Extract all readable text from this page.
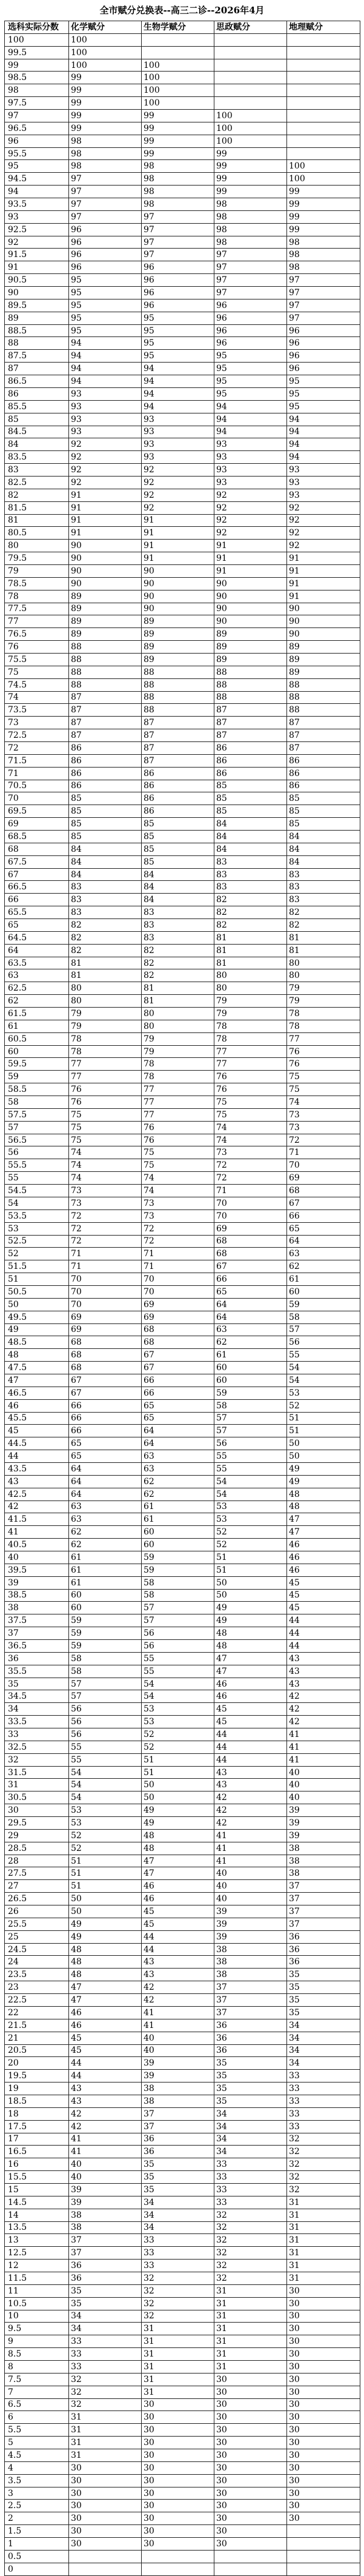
全市赋分兑换表--高三二诊--2026年4月
选科实际分数	化学赋分	生物学赋分	思政赋分	地理赋分
100	100			
99.5	100			
99	100	100		
98.5	99	100		
98	99	100		
97.5	99	100		
97	99	99	100	
96.5	99	99	100	
96	98	99	100	
95.5	98	99	99	
95	98	98	99	100
94.5	97	98	99	100
94	97	98	99	99
93.5	97	98	98	99
93	97	97	98	99
92.5	96	97	98	99
92	96	97	98	98
91.5	96	97	97	98
91	96	96	97	98
90.5	95	96	97	97
90	95	96	97	97
89.5	95	96	96	97
89	95	95	96	97
88.5	95	95	96	96
88	94	95	96	96
87.5	94	95	95	96
87	94	94	95	96
86.5	94	94	95	95
86	93	94	95	95
85.5	93	94	94	95
85	93	93	94	94
84.5	93	93	94	94
84	92	93	93	94
83.5	92	93	93	94
83	92	92	93	93
82.5	92	92	93	93
82	91	92	92	93
81.5	91	92	92	92
81	91	91	92	92
80.5	91	91	92	92
80	90	91	91	92
79.5	90	91	91	91
79	90	90	91	91
78.5	90	90	90	91
78	89	90	90	91
77.5	89	90	90	90
77	89	89	90	90
76.5	89	89	89	90
76	88	89	89	89
75.5	88	89	89	89
75	88	88	88	89
74.5	88	88	88	88
74	87	88	88	88
73.5	87	88	87	88
73	87	87	87	87
72.5	87	87	87	87
72	86	87	86	87
71.5	86	87	86	86
71	86	86	86	86
70.5	86	86	85	86
70	85	86	85	85
69.5	85	86	85	85
69	85	85	84	85
68.5	85	85	84	84
68	84	85	84	84
67.5	84	85	83	84
67	84	84	83	83
66.5	83	84	83	83
66	83	84	82	83
65.5	83	83	82	82
65	82	83	82	82
64.5	82	83	81	81
64	82	82	81	81
63.5	81	82	81	80
63	81	82	80	80
62.5	80	81	80	79
62	80	81	79	79
61.5	79	80	79	78
61	79	80	78	78
60.5	78	79	78	77
60	78	79	77	76
59.5	77	78	77	76
59	77	78	76	75
58.5	76	77	76	75
58	76	77	75	74
57.5	75	77	75	73
57	75	76	74	73
56.5	75	76	74	72
56	74	75	73	71
55.5	74	75	72	70
55	74	74	72	69
54.5	73	74	71	68
54	73	73	70	67
53.5	72	73	70	66
53	72	72	69	65
52.5	72	72	68	64
52	71	71	68	63
51.5	71	71	67	62
51	70	70	66	61
50.5	70	70	65	60
50	70	69	64	59
49.5	69	69	64	58
49	69	68	63	57
48.5	68	68	62	56
48	68	67	61	55
47.5	68	67	60	54
47	67	66	60	54
46.5	67	66	59	53
46	66	65	58	52
45.5	66	65	57	51
45	66	64	57	51
44.5	65	64	56	50
44	65	63	55	50
43.5	64	63	55	49
43	64	62	54	49
42.5	64	62	54	48
42	63	61	53	48
41.5	63	61	53	47
41	62	60	52	47
40.5	62	60	52	46
40	61	59	51	46
39.5	61	59	51	46
39	61	58	50	45
38.5	60	58	50	45
38	60	57	49	45
37.5	59	57	49	44
37	59	56	48	44
36.5	59	56	48	44
36	58	55	47	43
35.5	58	55	47	43
35	57	54	46	43
34.5	57	54	46	42
34	56	53	45	42
33.5	56	53	45	42
33	56	52	44	41
32.5	55	52	44	41
32	55	51	44	41
31.5	54	51	43	40
31	54	50	43	40
30.5	54	50	42	40
30	53	49	42	39
29.5	53	49	42	39
29	52	48	41	39
28.5	52	48	41	38
28	51	47	41	38
27.5	51	47	40	38
27	51	46	40	37
26.5	50	46	40	37
26	50	45	39	37
25.5	49	45	39	37
25	49	44	39	36
24.5	48	44	38	36
24	48	43	38	36
23.5	48	43	38	35
23	47	42	37	35
22.5	47	42	37	35
22	46	41	37	35
21.5	46	41	36	34
21	45	40	36	34
20.5	45	40	36	34
20	44	39	35	34
19.5	44	39	35	33
19	43	38	35	33
18.5	43	38	35	33
18	42	37	34	33
17.5	42	37	34	33
17	41	36	34	32
16.5	41	36	34	32
16	40	35	33	32
15.5	40	35	33	32
15	39	35	33	32
14.5	39	34	33	31
14	38	34	32	31
13.5	38	34	32	31
13	37	33	32	31
12.5	37	33	32	31
12	36	33	32	31
11.5	36	32	32	31
11	35	32	31	30
10.5	35	32	31	30
10	34	32	31	30
9.5	34	31	31	30
9	33	31	31	30
8.5	33	31	31	30
8	33	31	31	30
7.5	32	31	30	30
7	32	31	30	30
6.5	32	30	30	30
6	31	30	30	30
5.5	31	30	30	30
5	31	30	30	30
4.5	31	30	30	30
4	30	30	30	30
3.5	30	30	30	30
3	30	30	30	30
2.5	30	30	30	30
2	30	30	30	30
1.5	30	30	30	
1	30	30	30	
0.5				
0				
